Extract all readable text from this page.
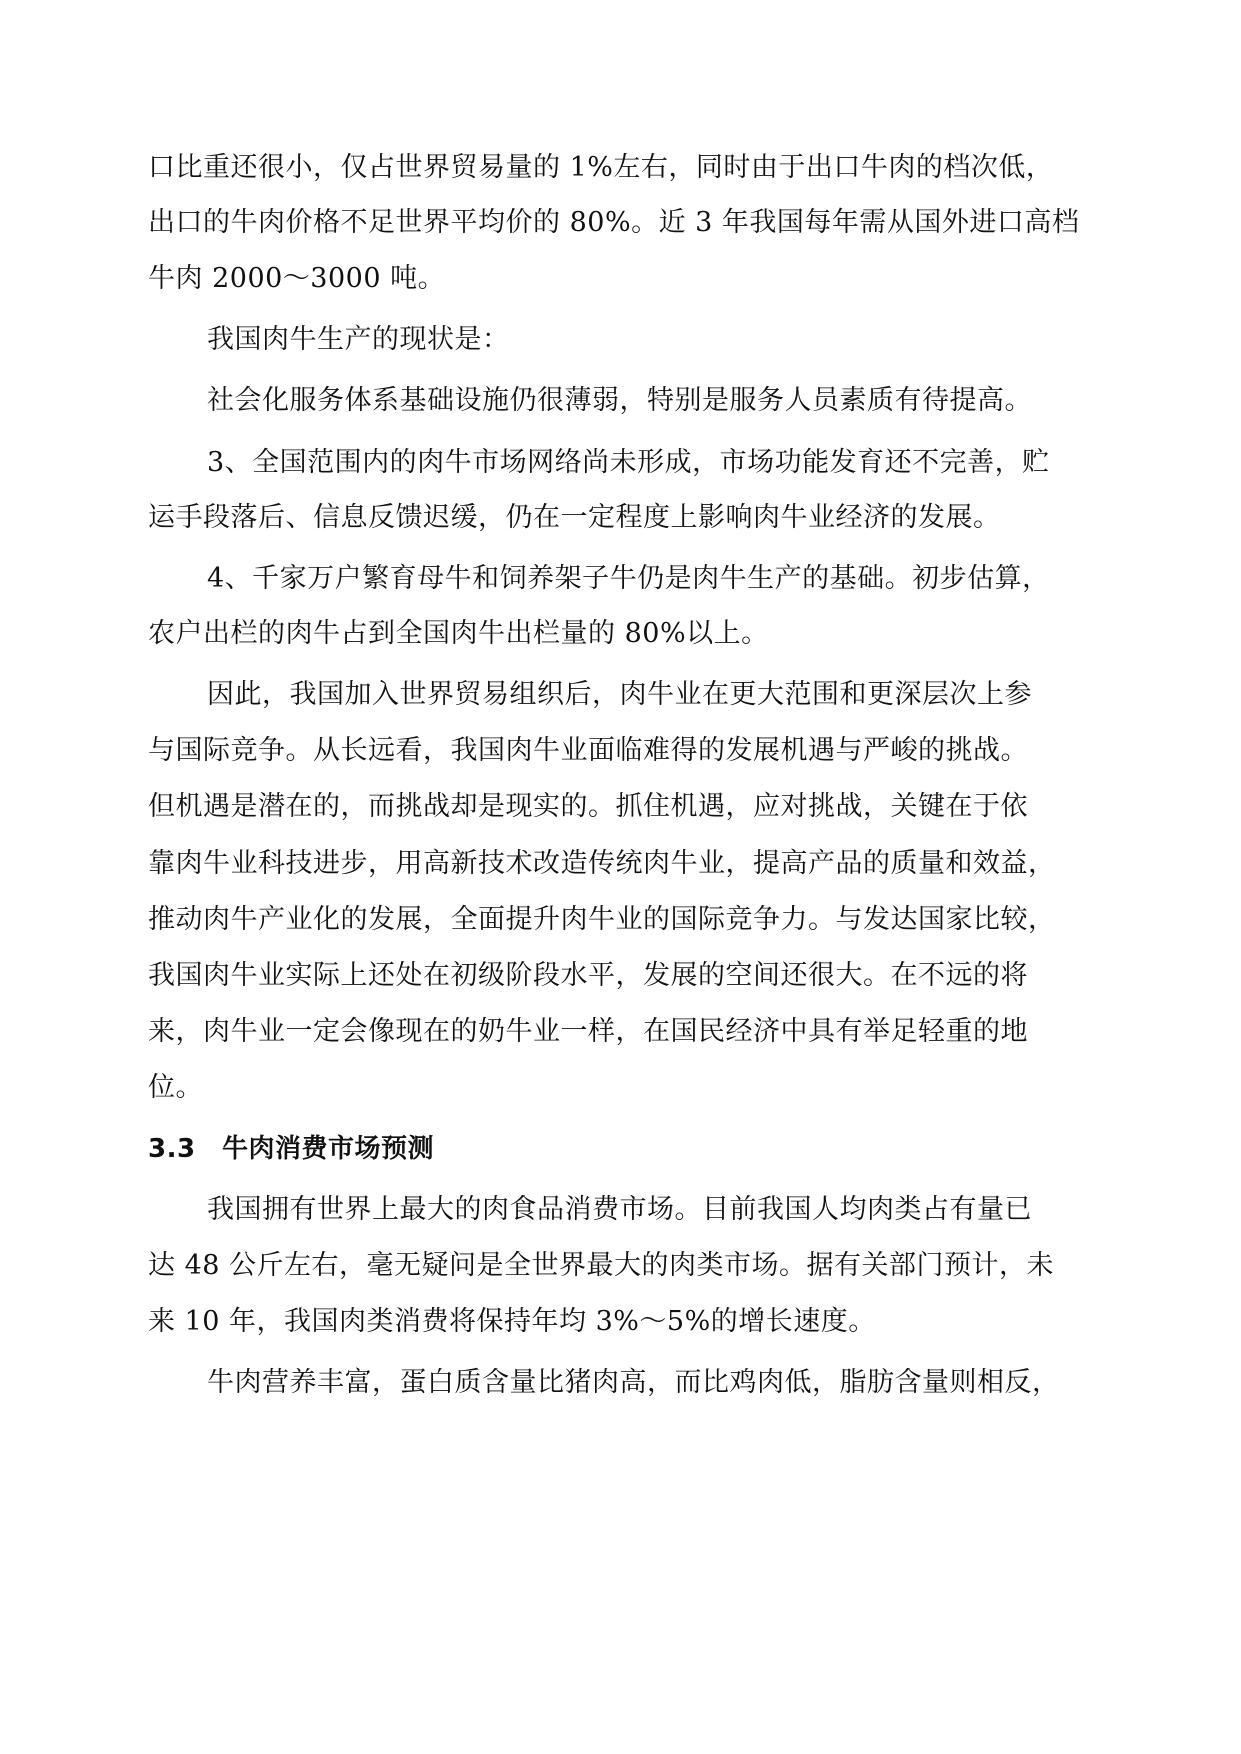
口比重还很小，仅占世界贸易量的 1%左右，同时由于出口牛肉的档次低，

出口的牛肉价格不足世界平均价的 80%。近 3 年我国每年需从国外进口高档

牛肉 2000～3000 吨。

我国肉牛生产的现状是：

社会化服务体系基础设施仍很薄弱，特别是服务人员素质有待提高。

3、全国范围内的肉牛市场网络尚未形成，市场功能发育还不完善，贮

运手段落后、信息反馈迟缓，仍在一定程度上影响肉牛业经济的发展。

4、千家万户繁育母牛和饲养架子牛仍是肉牛生产的基础。初步估算，

农户出栏的肉牛占到全国肉牛出栏量的 80%以上。

因此，我国加入世界贸易组织后，肉牛业在更大范围和更深层次上参

与国际竞争。从长远看，我国肉牛业面临难得的发展机遇与严峻的挑战。

但机遇是潜在的，而挑战却是现实的。抓住机遇，应对挑战，关键在于依

靠肉牛业科技进步，用高新技术改造传统肉牛业，提高产品的质量和效益，

推动肉牛产业化的发展，全面提升肉牛业的国际竞争力。与发达国家比较，

我国肉牛业实际上还处在初级阶段水平，发展的空间还很大。在不远的将

来，肉牛业一定会像现在的奶牛业一样，在国民经济中具有举足轻重的地

位。

3.3　牛肉消费市场预测

我国拥有世界上最大的肉食品消费市场。目前我国人均肉类占有量已

达 48 公斤左右，毫无疑问是全世界最大的肉类市场。据有关部门预计，未

来 10 年，我国肉类消费将保持年均 3%～5%的增长速度。

牛肉营养丰富，蛋白质含量比猪肉高，而比鸡肉低，脂肪含量则相反，
